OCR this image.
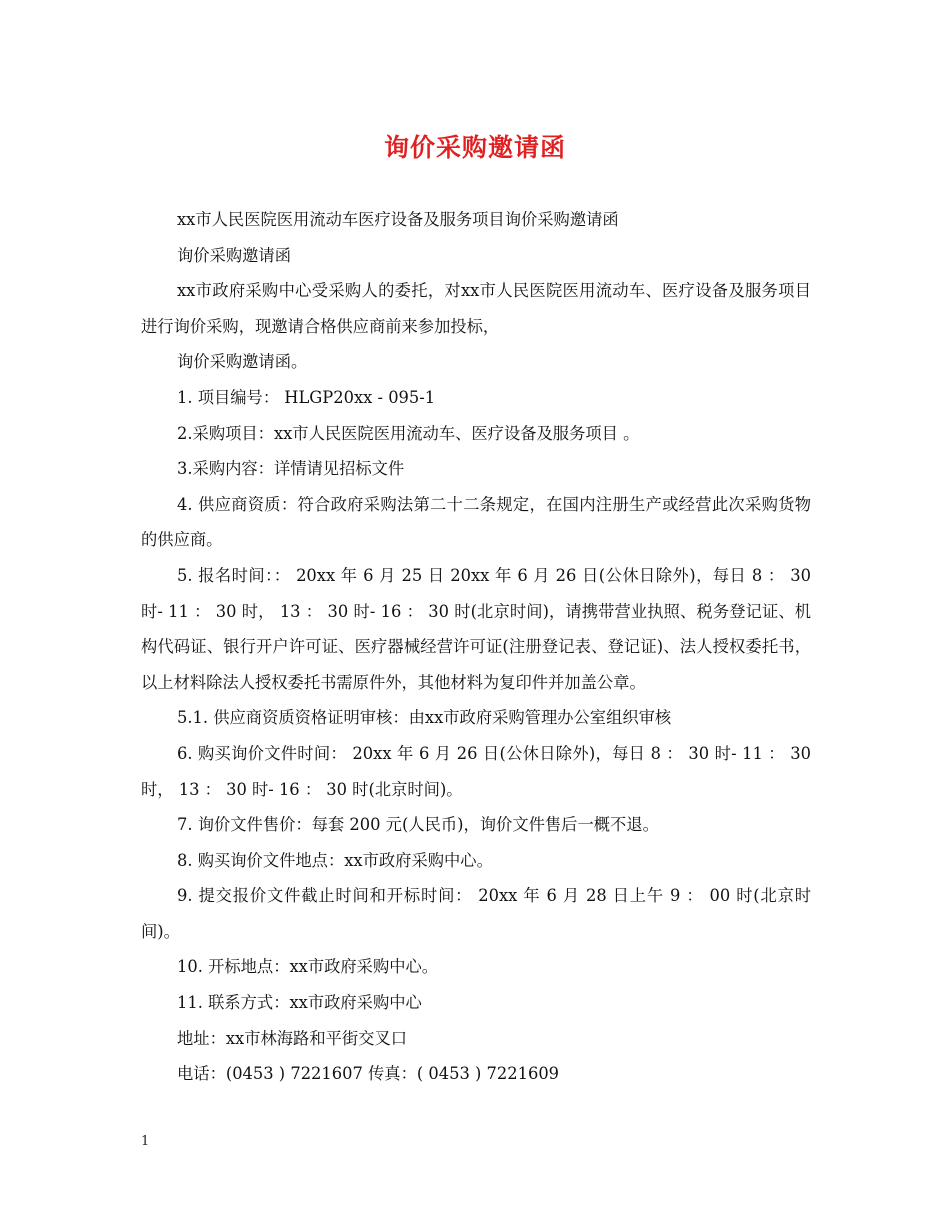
询价采购邀请函

xx市人民医院医用流动车医疗设备及服务项目询价采购邀请函

询价采购邀请函

xx市政府采购中心受采购人的委托，对xx市人民医院医用流动车、医疗设备及服务项目进行询价采购，现邀请合格供应商前来参加投标，

询价采购邀请函。

1. 项目编号： HLGP20xx - 095-1

2.采购项目：xx市人民医院医用流动车、医疗设备及服务项目 。

3.采购内容：详情请见招标文件

4. 供应商资质：符合政府采购法第二十二条规定，在国内注册生产或经营此次采购货物的供应商。

5. 报名时间：： 20xx 年 6 月 25 日 20xx 年 6 月 26 日(公休日除外)，每日 8 ： 30 时- 11 ： 30 时， 13 ： 30 时- 16 ： 30 时(北京时间)，请携带营业执照、税务登记证、机构代码证、银行开户许可证、医疗器械经营许可证(注册登记表、登记证)、法人授权委托书，以上材料除法人授权委托书需原件外，其他材料为复印件并加盖公章。

5.1. 供应商资质资格证明审核：由xx市政府采购管理办公室组织审核

6. 购买询价文件时间： 20xx 年 6 月 26 日(公休日除外)，每日 8 ： 30 时- 11 ： 30 时， 13 ： 30 时- 16 ： 30 时(北京时间)。

7. 询价文件售价：每套 200 元(人民币)，询价文件售后一概不退。

8. 购买询价文件地点：xx市政府采购中心。

9. 提交报价文件截止时间和开标时间： 20xx 年 6 月 28 日上午 9 ： 00 时(北京时间)。

10. 开标地点：xx市政府采购中心。

11. 联系方式：xx市政府采购中心

地址：xx市林海路和平街交叉口

电话：(0453 ) 7221607 传真：( 0453 ) 7221609

1
